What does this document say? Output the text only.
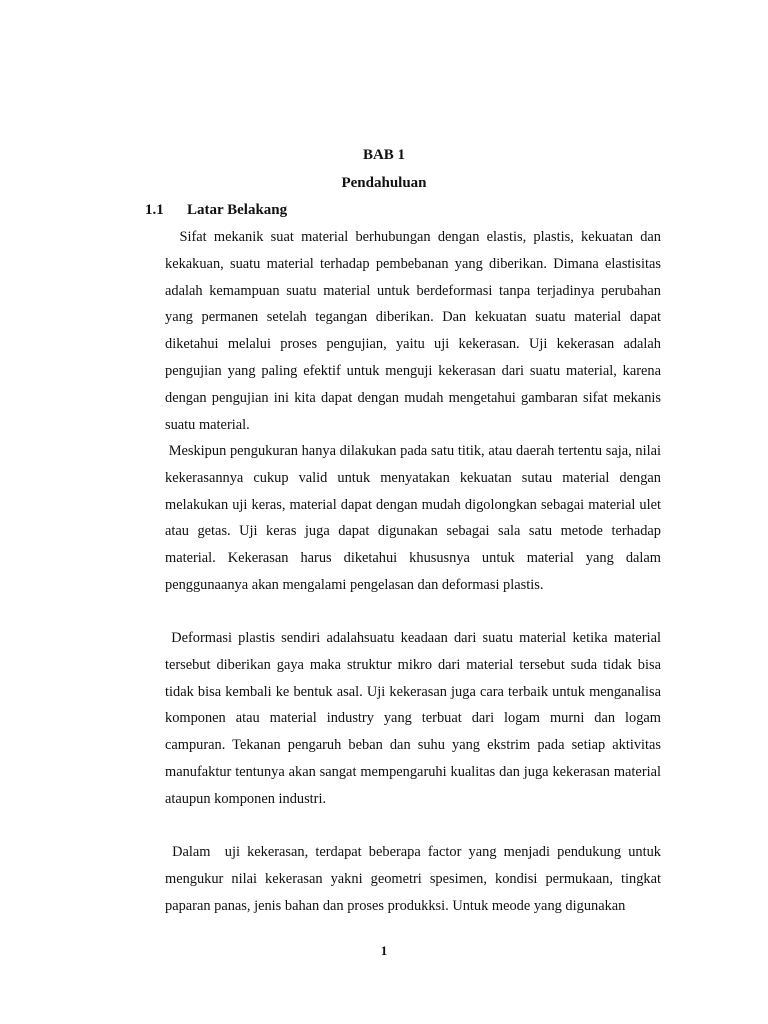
BAB 1
Pendahuluan
1.1 Latar Belakang

Sifat mekanik suat material berhubungan dengan elastis, plastis, kekuatan dan kekakuan, suatu material terhadap pembebanan yang diberikan. Dimana elastisitas adalah kemampuan suatu material untuk berdeformasi tanpa terjadinya perubahan yang permanen setelah tegangan diberikan. Dan kekuatan suatu material dapat diketahui melalui proses pengujian, yaitu uji kekerasan. Uji kekerasan adalah pengujian yang paling efektif untuk menguji kekerasan dari suatu material, karena dengan pengujian ini kita dapat dengan mudah mengetahui gambaran sifat mekanis suatu material.

Meskipun pengukuran hanya dilakukan pada satu titik, atau daerah tertentu saja, nilai kekerasannya cukup valid untuk menyatakan kekuatan sutau material dengan melakukan uji keras, material dapat dengan mudah digolongkan sebagai material ulet atau getas. Uji keras juga dapat digunakan sebagai sala satu metode terhadap material. Kekerasan harus diketahui khususnya untuk material yang dalam penggunaanya akan mengalami pengelasan dan deformasi plastis.

Deformasi plastis sendiri adalahsuatu keadaan dari suatu material ketika material tersebut diberikan gaya maka struktur mikro dari material tersebut suda tidak bisa tidak bisa kembali ke bentuk asal. Uji kekerasan juga cara terbaik untuk menganalisa komponen atau material industry yang terbuat dari logam murni dan logam campuran. Tekanan pengaruh beban dan suhu yang ekstrim pada setiap aktivitas manufaktur tentunya akan sangat mempengaruhi kualitas dan juga kekerasan material ataupun komponen industri.

Dalam  uji kekerasan, terdapat beberapa factor yang menjadi pendukung untuk mengukur nilai kekerasan yakni geometri spesimen, kondisi permukaan, tingkat paparan panas, jenis bahan dan proses produkksi. Untuk meode yang digunakan

1
